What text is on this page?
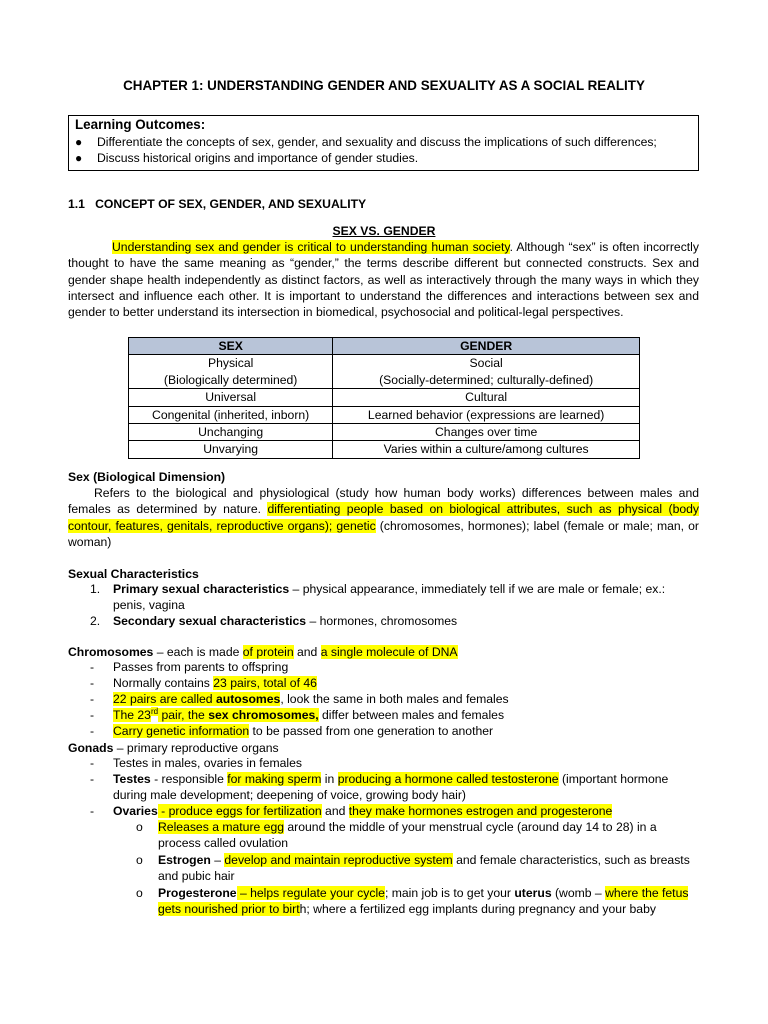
CHAPTER 1: UNDERSTANDING GENDER AND SEXUALITY AS A SOCIAL REALITY
Learning Outcomes:
● Differentiate the concepts of sex, gender, and sexuality and discuss the implications of such differences;
● Discuss historical origins and importance of gender studies.
1.1   CONCEPT OF SEX, GENDER, AND SEXUALITY
SEX VS. GENDER
Understanding sex and gender is critical to understanding human society. Although “sex” is often incorrectly thought to have the same meaning as “gender,” the terms describe different but connected constructs. Sex and gender shape health independently as distinct factors, as well as interactively through the many ways in which they intersect and influence each other. It is important to understand the differences and interactions between sex and gender to better understand its intersection in biomedical, psychosocial and political-legal perspectives.
SEX	GENDER
Physical	Social
(Biologically determined)	(Socially-determined; culturally-defined)
Universal	Cultural
Congenital (inherited, inborn)	Learned behavior (expressions are learned)
Unchanging	Changes over time
Unvarying	Varies within a culture/among cultures
Sex (Biological Dimension)
Refers to the biological and physiological (study how human body works) differences between males and females as determined by nature. differentiating people based on biological attributes, such as physical (body contour, features, genitals, reproductive organs); genetic (chromosomes, hormones); label (female or male; man, or woman)
Sexual Characteristics
1. Primary sexual characteristics – physical appearance, immediately tell if we are male or female; ex.:
penis, vagina
2. Secondary sexual characteristics – hormones, chromosomes
Chromosomes – each is made of protein and a single molecule of DNA
- Passes from parents to offspring
- Normally contains 23 pairs, total of 46
- 22 pairs are called autosomes, look the same in both males and females
- The 23rd pair, the sex chromosomes, differ between males and females
- Carry genetic information to be passed from one generation to another
Gonads – primary reproductive organs
- Testes in males, ovaries in females
- Testes - responsible for making sperm in producing a hormone called testosterone (important hormone
during male development; deepening of voice, growing body hair)
- Ovaries - produce eggs for fertilization and they make hormones estrogen and progesterone
o Releases a mature egg around the middle of your menstrual cycle (around day 14 to 28) in a
process called ovulation
o Estrogen – develop and maintain reproductive system and female characteristics, such as breasts
and pubic hair
o Progesterone – helps regulate your cycle; main job is to get your uterus (womb – where the fetus
gets nourished prior to birth; where a fertilized egg implants during pregnancy and your baby
